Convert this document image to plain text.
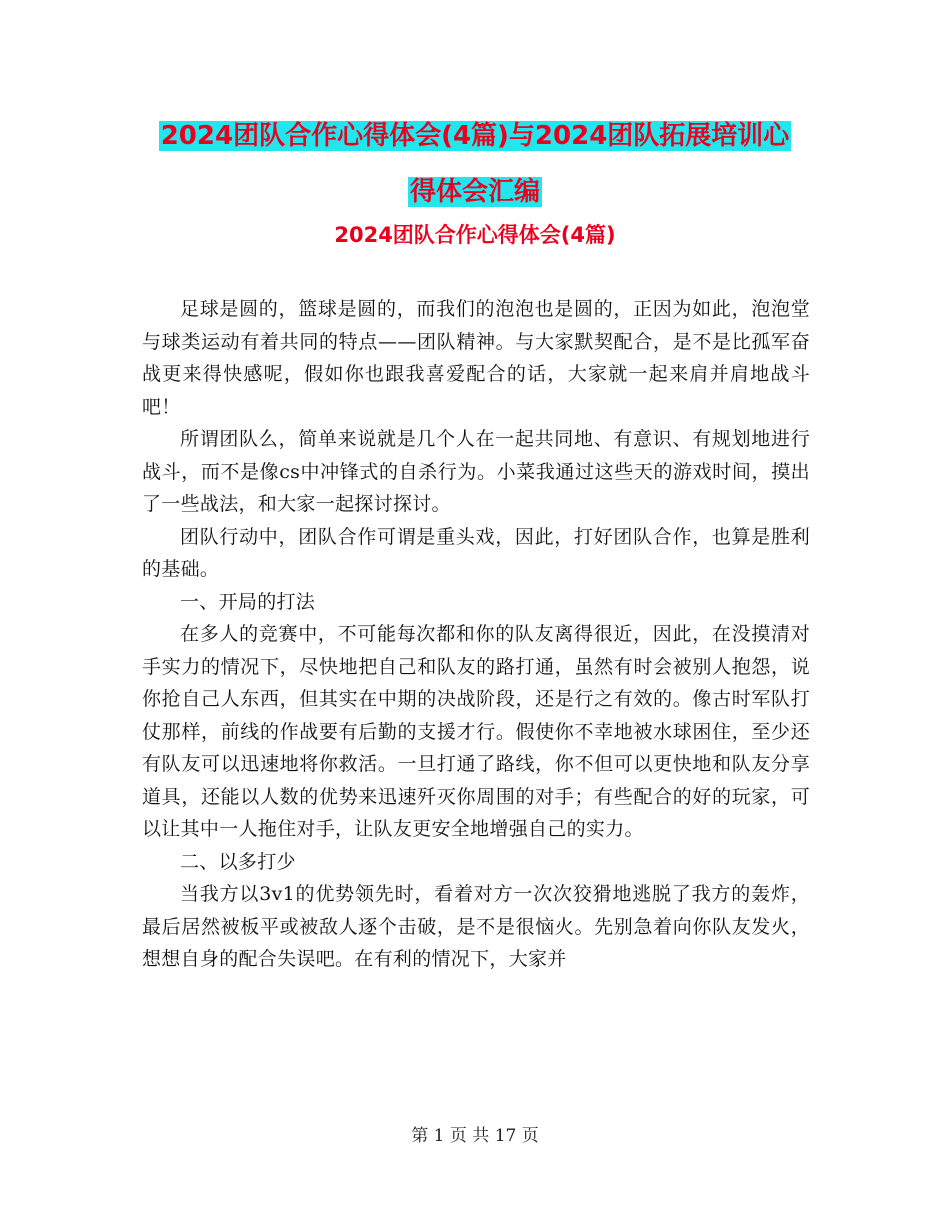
2024团队合作心得体会(4篇)与2024团队拓展培训心得体会汇编
2024团队合作心得体会(4篇)

足球是圆的，篮球是圆的，而我们的泡泡也是圆的，正因为如此，泡泡堂与球类运动有着共同的特点——团队精神。与大家默契配合，是不是比孤军奋战更来得快感呢，假如你也跟我喜爱配合的话，大家就一起来肩并肩地战斗吧！

所谓团队么，简单来说就是几个人在一起共同地、有意识、有规划地进行战斗，而不是像cs中冲锋式的自杀行为。小菜我通过这些天的游戏时间，摸出了一些战法，和大家一起探讨探讨。

团队行动中，团队合作可谓是重头戏，因此，打好团队合作，也算是胜利的基础。

一、开局的打法

在多人的竞赛中，不可能每次都和你的队友离得很近，因此，在没摸清对手实力的情况下，尽快地把自己和队友的路打通，虽然有时会被别人抱怨，说你抢自己人东西，但其实在中期的决战阶段，还是行之有效的。像古时军队打仗那样，前线的作战要有后勤的支援才行。假使你不幸地被水球困住，至少还有队友可以迅速地将你救活。一旦打通了路线，你不但可以更快地和队友分享道具，还能以人数的优势来迅速歼灭你周围的对手；有些配合的好的玩家，可以让其中一人拖住对手，让队友更安全地增强自己的实力。

二、以多打少

当我方以3v1的优势领先时，看着对方一次次狡猾地逃脱了我方的轰炸，最后居然被板平或被敌人逐个击破，是不是很恼火。先别急着向你队友发火，想想自身的配合失误吧。在有利的情况下，大家并

第 1 页 共 17 页
